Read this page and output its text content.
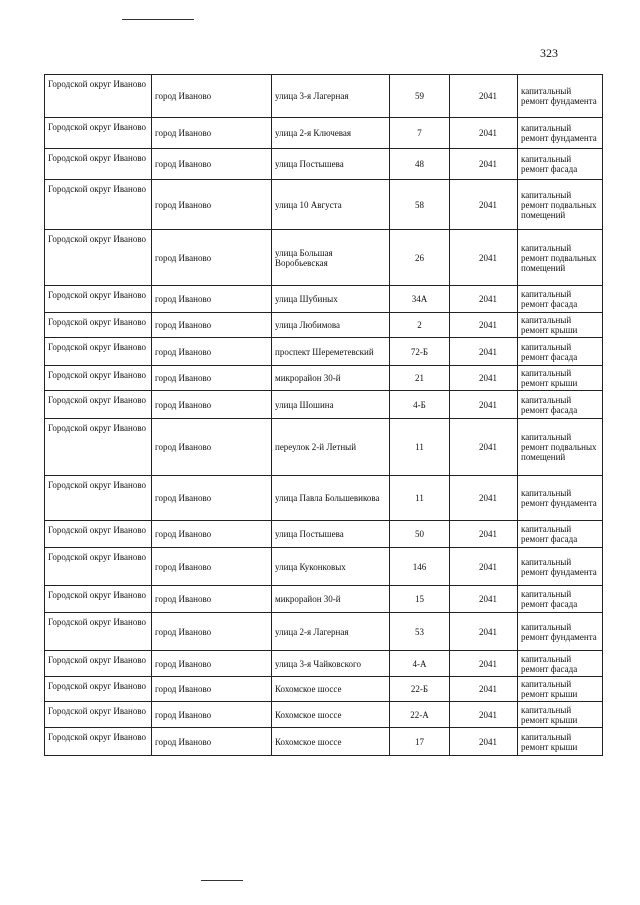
323
Городской округ Иваново	город Иваново	улица 3-я Лагерная	59	2041	капитальный ремонт фундамента
Городской округ Иваново	город Иваново	улица 2-я Ключевая	7	2041	капитальный ремонт фундамента
Городской округ Иваново	город Иваново	улица Постышева	48	2041	капитальный ремонт фасада
Городской округ Иваново	город Иваново	улица 10 Августа	58	2041	капитальный ремонт подвальных помещений
Городской округ Иваново	город Иваново	улица Большая Воробьевская	26	2041	капитальный ремонт подвальных помещений
Городской округ Иваново	город Иваново	улица Шубиных	34А	2041	капитальный ремонт фасада
Городской округ Иваново	город Иваново	улица Любимова	2	2041	капитальный ремонт крыши
Городской округ Иваново	город Иваново	проспект Шереметевский	72-Б	2041	капитальный ремонт фасада
Городской округ Иваново	город Иваново	микрорайон 30-й	21	2041	капитальный ремонт крыши
Городской округ Иваново	город Иваново	улица Шошина	4-Б	2041	капитальный ремонт фасада
Городской округ Иваново	город Иваново	переулок 2-й Летный	11	2041	капитальный ремонт подвальных помещений
Городской округ Иваново	город Иваново	улица Павла Большевикова	11	2041	капитальный ремонт фундамента
Городской округ Иваново	город Иваново	улица Постышева	50	2041	капитальный ремонт фасада
Городской округ Иваново	город Иваново	улица Куконковых	146	2041	капитальный ремонт фундамента
Городской округ Иваново	город Иваново	микрорайон 30-й	15	2041	капитальный ремонт фасада
Городской округ Иваново	город Иваново	улица 2-я Лагерная	53	2041	капитальный ремонт фундамента
Городской округ Иваново	город Иваново	улица 3-я Чайковского	4-А	2041	капитальный ремонт фасада
Городской округ Иваново	город Иваново	Кохомское шоссе	22-Б	2041	капитальный ремонт крыши
Городской округ Иваново	город Иваново	Кохомское шоссе	22-А	2041	капитальный ремонт крыши
Городской округ Иваново	город Иваново	Кохомское шоссе	17	2041	капитальный ремонт крыши
